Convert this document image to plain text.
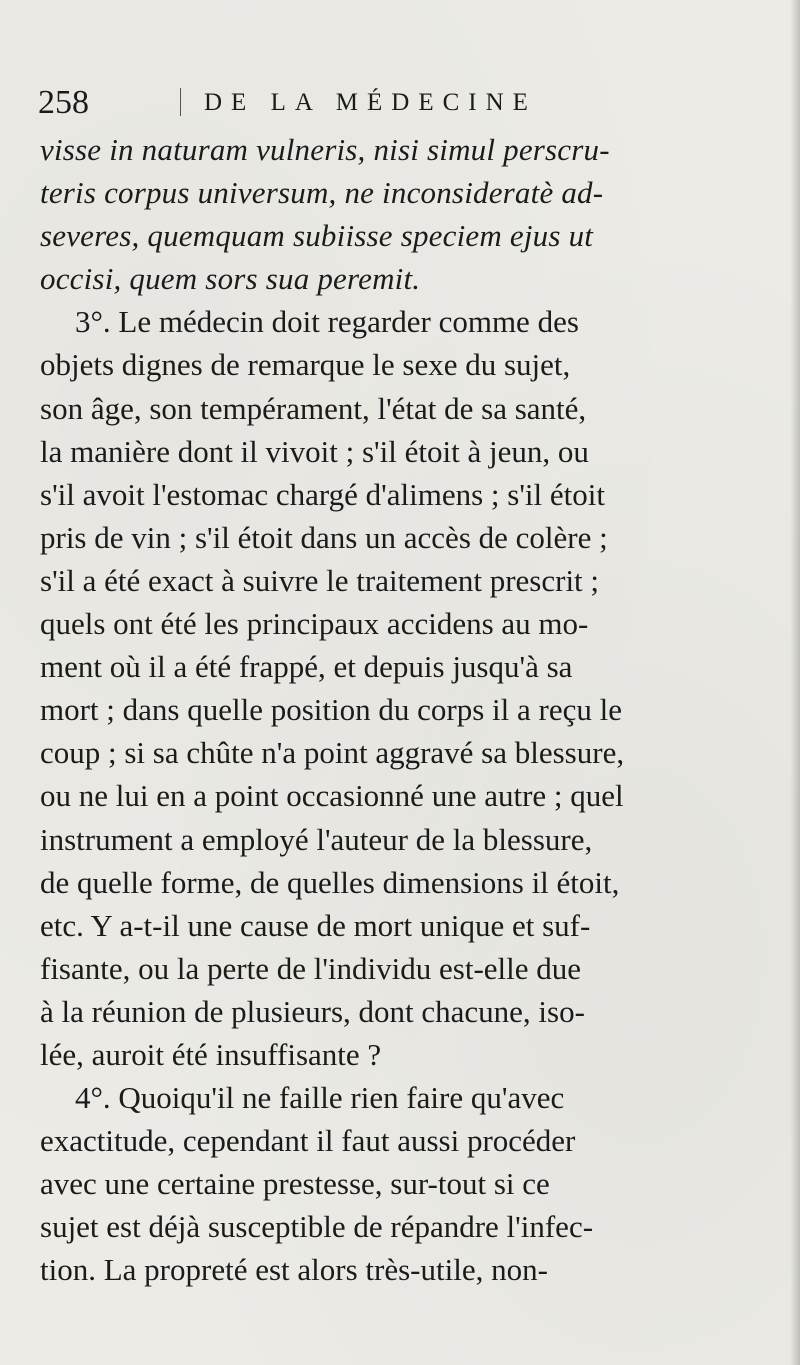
258	DE LA MÉDECINE
visse in naturam vulneris, nisi simul perscru-
teris corpus universum, ne inconsideratè ad-
severes, quemquam subiisse speciem ejus ut
occisi, quem sors sua peremit.
3°. Le médecin doit regarder comme des
objets dignes de remarque le sexe du sujet,
son âge, son tempérament, l'état de sa santé,
la manière dont il vivoit ; s'il étoit à jeun, ou
s'il avoit l'estomac chargé d'alimens ; s'il étoit
pris de vin ; s'il étoit dans un accès de colère ;
s'il a été exact à suivre le traitement prescrit ;
quels ont été les principaux accidens au mo-
ment où il a été frappé, et depuis jusqu'à sa
mort ; dans quelle position du corps il a reçu le
coup ; si sa chûte n'a point aggravé sa blessure,
ou ne lui en a point occasionné une autre ; quel
instrument a employé l'auteur de la blessure,
de quelle forme, de quelles dimensions il étoit,
etc. Y a-t-il une cause de mort unique et suf-
fisante, ou la perte de l'individu est-elle due
à la réunion de plusieurs, dont chacune, iso-
lée, auroit été insuffisante ?
4°. Quoiqu'il ne faille rien faire qu'avec
exactitude, cependant il faut aussi procéder
avec une certaine prestesse, sur-tout si ce
sujet est déjà susceptible de répandre l'infec-
tion. La propreté est alors très-utile, non-
